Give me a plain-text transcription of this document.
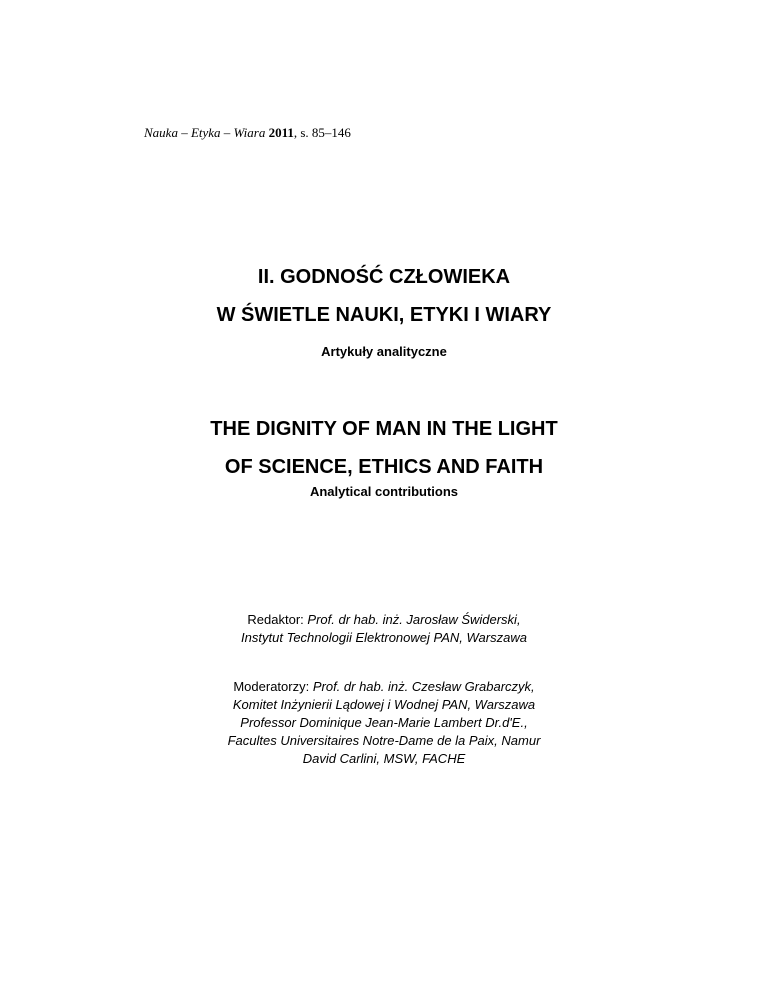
Nauka – Etyka – Wiara 2011, s. 85–146
II. GODNOŚĆ CZŁOWIEKA
W ŚWIETLE NAUKI, ETYKI I WIARY
Artykuły analityczne
THE DIGNITY OF MAN IN THE LIGHT
OF SCIENCE, ETHICS AND FAITH
Analytical contributions
Redaktor: Prof. dr hab. inż. Jarosław Świderski,
Instytut Technologii Elektronowej PAN, Warszawa
Moderatorzy: Prof. dr hab. inż. Czesław Grabarczyk,
Komitet Inżynierii Lądowej i Wodnej PAN, Warszawa
Professor Dominique Jean-Marie Lambert Dr.d'E.,
Facultes Universitaires Notre-Dame de la Paix, Namur
David Carlini, MSW, FACHE
